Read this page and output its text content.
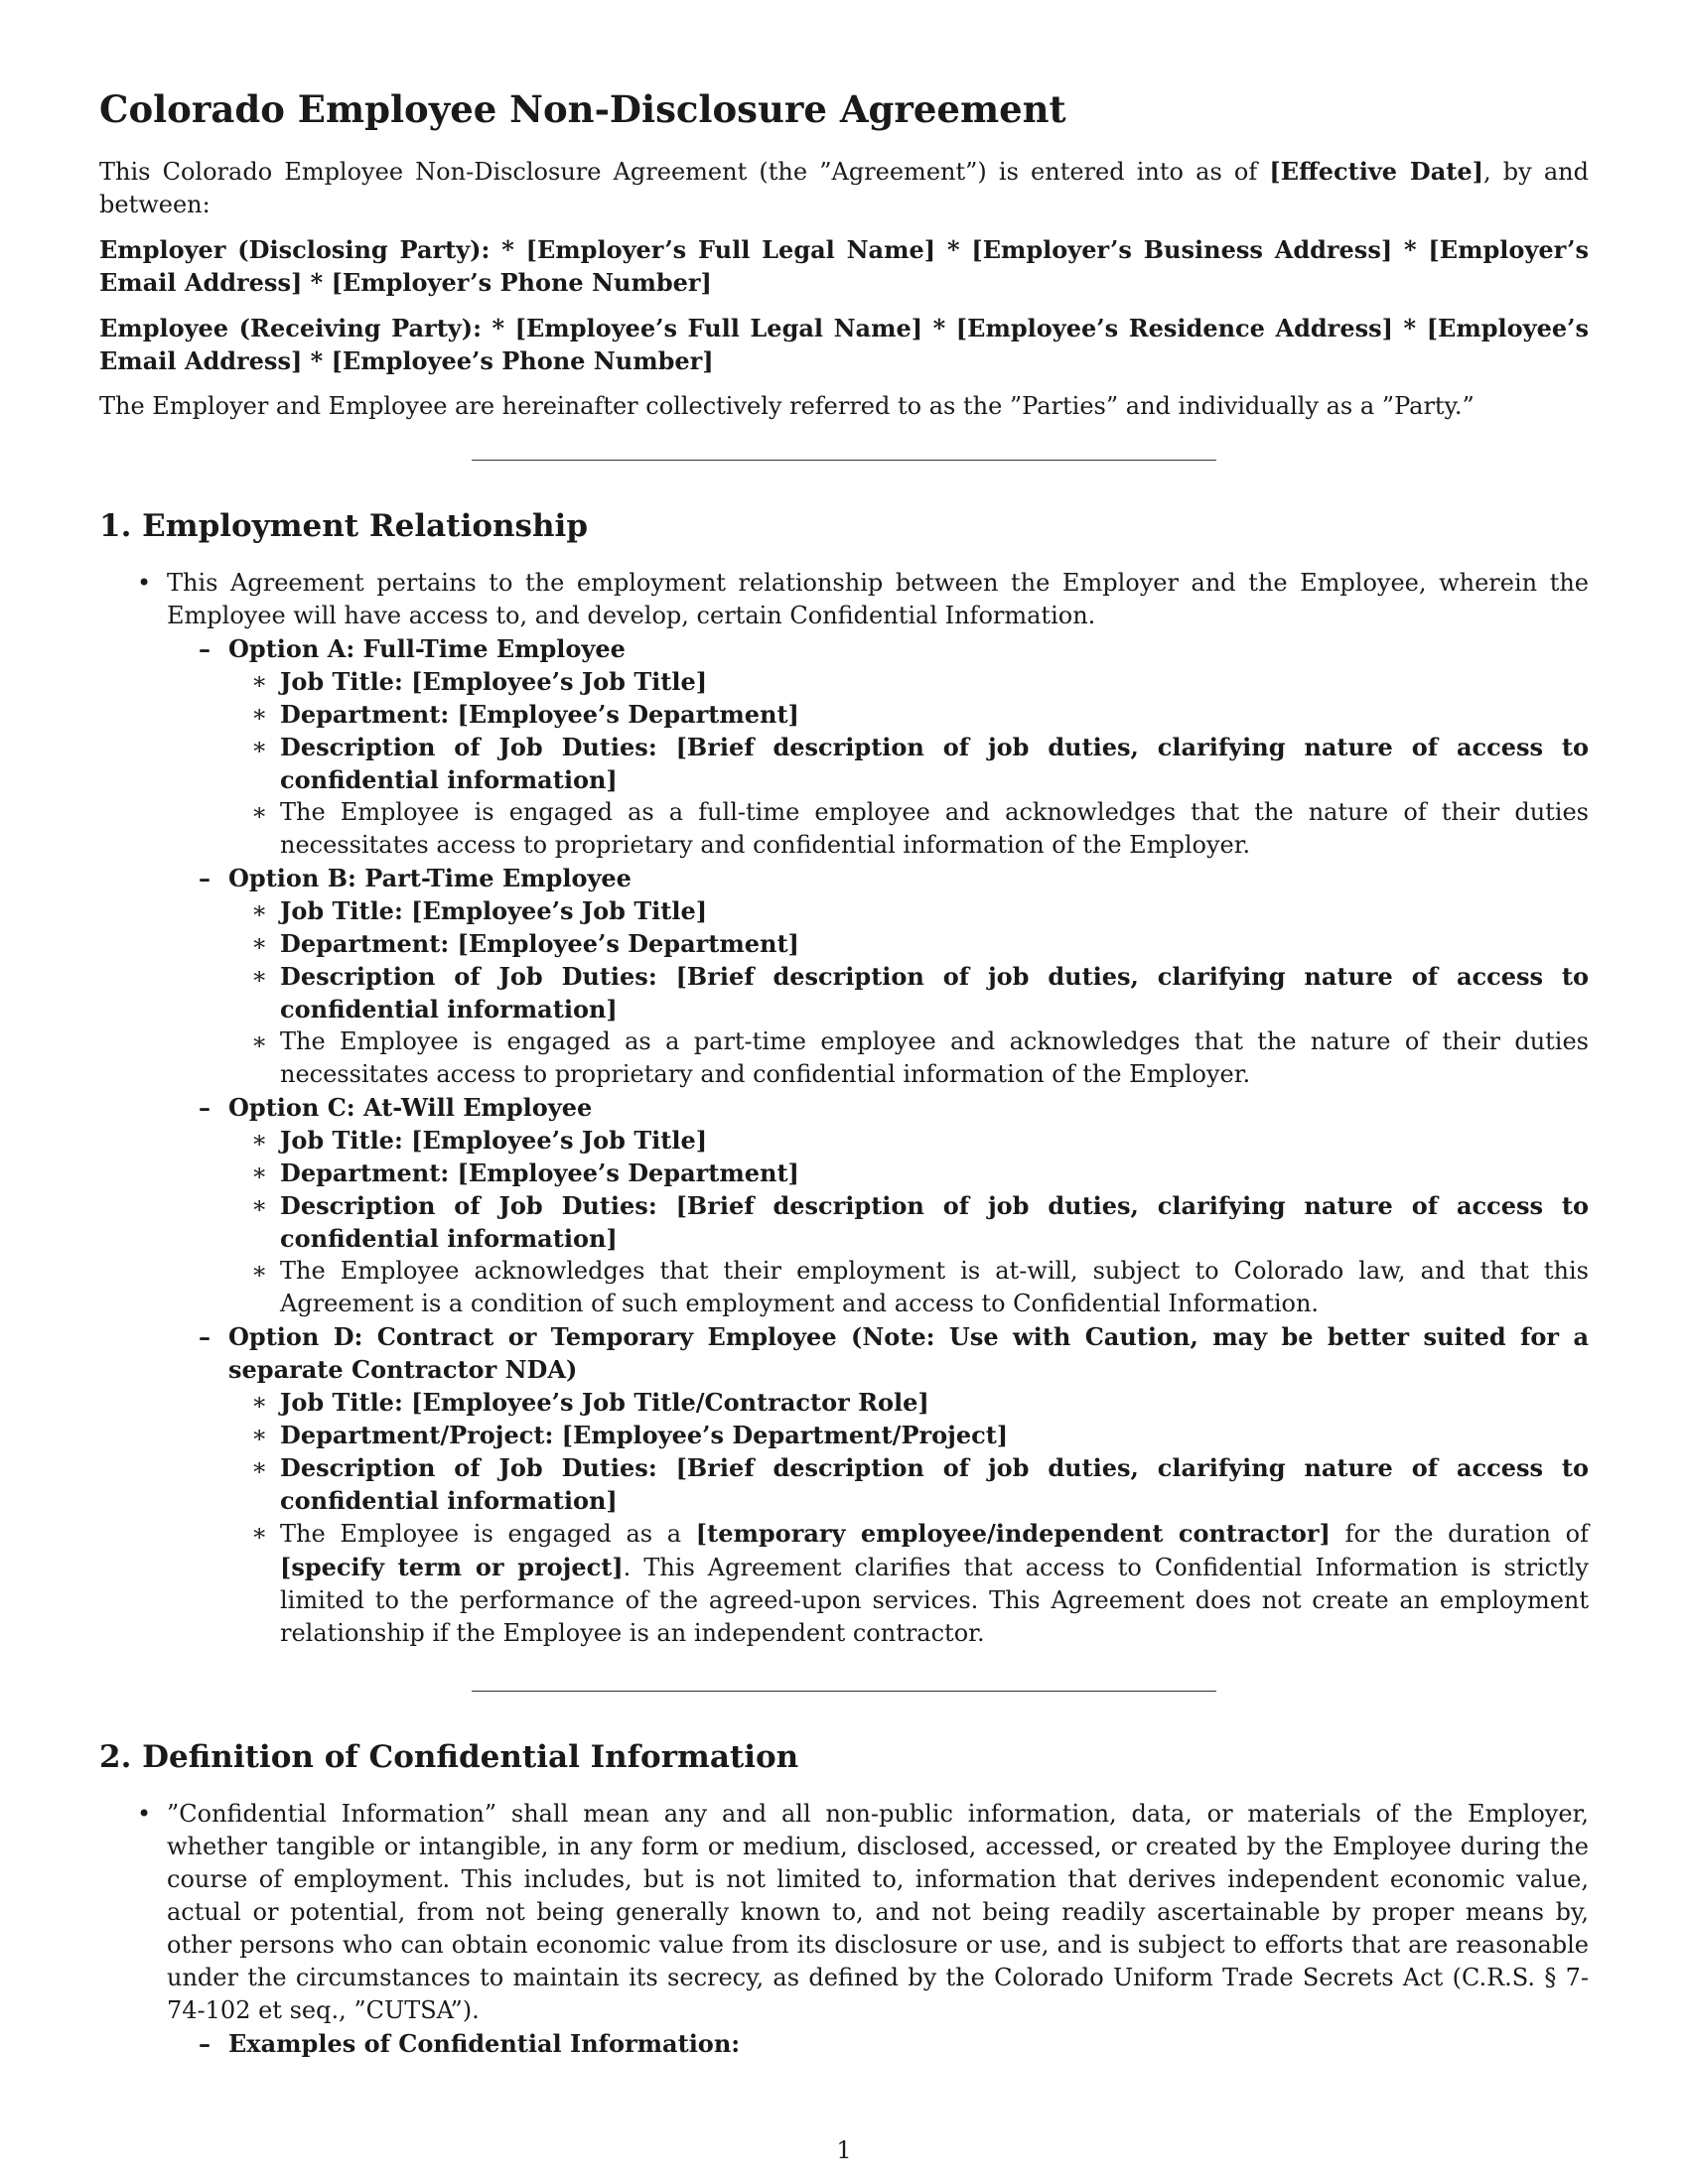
Colorado Employee Non-Disclosure Agreement

This Colorado Employee Non-Disclosure Agreement (the ”Agreement”) is entered into as of [Effective Date], by and between:

Employer (Disclosing Party): * [Employer’s Full Legal Name] * [Employer’s Business Address] * [Employer’s Email Address] * [Employer’s Phone Number]

Employee (Receiving Party): * [Employee’s Full Legal Name] * [Employee’s Residence Address] * [Employee’s Email Address] * [Employee’s Phone Number]

The Employer and Employee are hereinafter collectively referred to as the ”Parties” and individually as a ”Party.”

1. Employment Relationship
• This Agreement pertains to the employment relationship between the Employer and the Employee, wherein the Employee will have access to, and develop, certain Confidential Information.
– Option A: Full-Time Employee
∗ Job Title: [Employee’s Job Title]
∗ Department: [Employee’s Department]
∗ Description of Job Duties: [Brief description of job duties, clarifying nature of access to confidential information]
∗ The Employee is engaged as a full-time employee and acknowledges that the nature of their duties necessitates access to proprietary and confidential information of the Employer.
– Option B: Part-Time Employee
∗ Job Title: [Employee’s Job Title]
∗ Department: [Employee’s Department]
∗ Description of Job Duties: [Brief description of job duties, clarifying nature of access to confidential information]
∗ The Employee is engaged as a part-time employee and acknowledges that the nature of their duties necessitates access to proprietary and confidential information of the Employer.
– Option C: At-Will Employee
∗ Job Title: [Employee’s Job Title]
∗ Department: [Employee’s Department]
∗ Description of Job Duties: [Brief description of job duties, clarifying nature of access to confidential information]
∗ The Employee acknowledges that their employment is at-will, subject to Colorado law, and that this Agreement is a condition of such employment and access to Confidential Information.
– Option D: Contract or Temporary Employee (Note: Use with Caution, may be better suited for a separate Contractor NDA)
∗ Job Title: [Employee’s Job Title/Contractor Role]
∗ Department/Project: [Employee’s Department/Project]
∗ Description of Job Duties: [Brief description of job duties, clarifying nature of access to confidential information]
∗ The Employee is engaged as a [temporary employee/independent contractor] for the duration of [specify term or project]. This Agreement clarifies that access to Confidential Information is strictly limited to the performance of the agreed-upon services. This Agreement does not create an employment relationship if the Employee is an independent contractor.
2. Definition of Confidential Information
• ”Confidential Information” shall mean any and all non-public information, data, or materials of the Employer, whether tangible or intangible, in any form or medium, disclosed, accessed, or created by the Employee during the course of employment. This includes, but is not limited to, information that derives independent economic value, actual or potential, from not being generally known to, and not being readily ascertainable by proper means by, other persons who can obtain economic value from its disclosure or use, and is subject to efforts that are reasonable under the circumstances to maintain its secrecy, as defined by the Colorado Uniform Trade Secrets Act (C.R.S. § 7-74-102 et seq., ”CUTSA”).
– Examples of Confidential Information:
1
